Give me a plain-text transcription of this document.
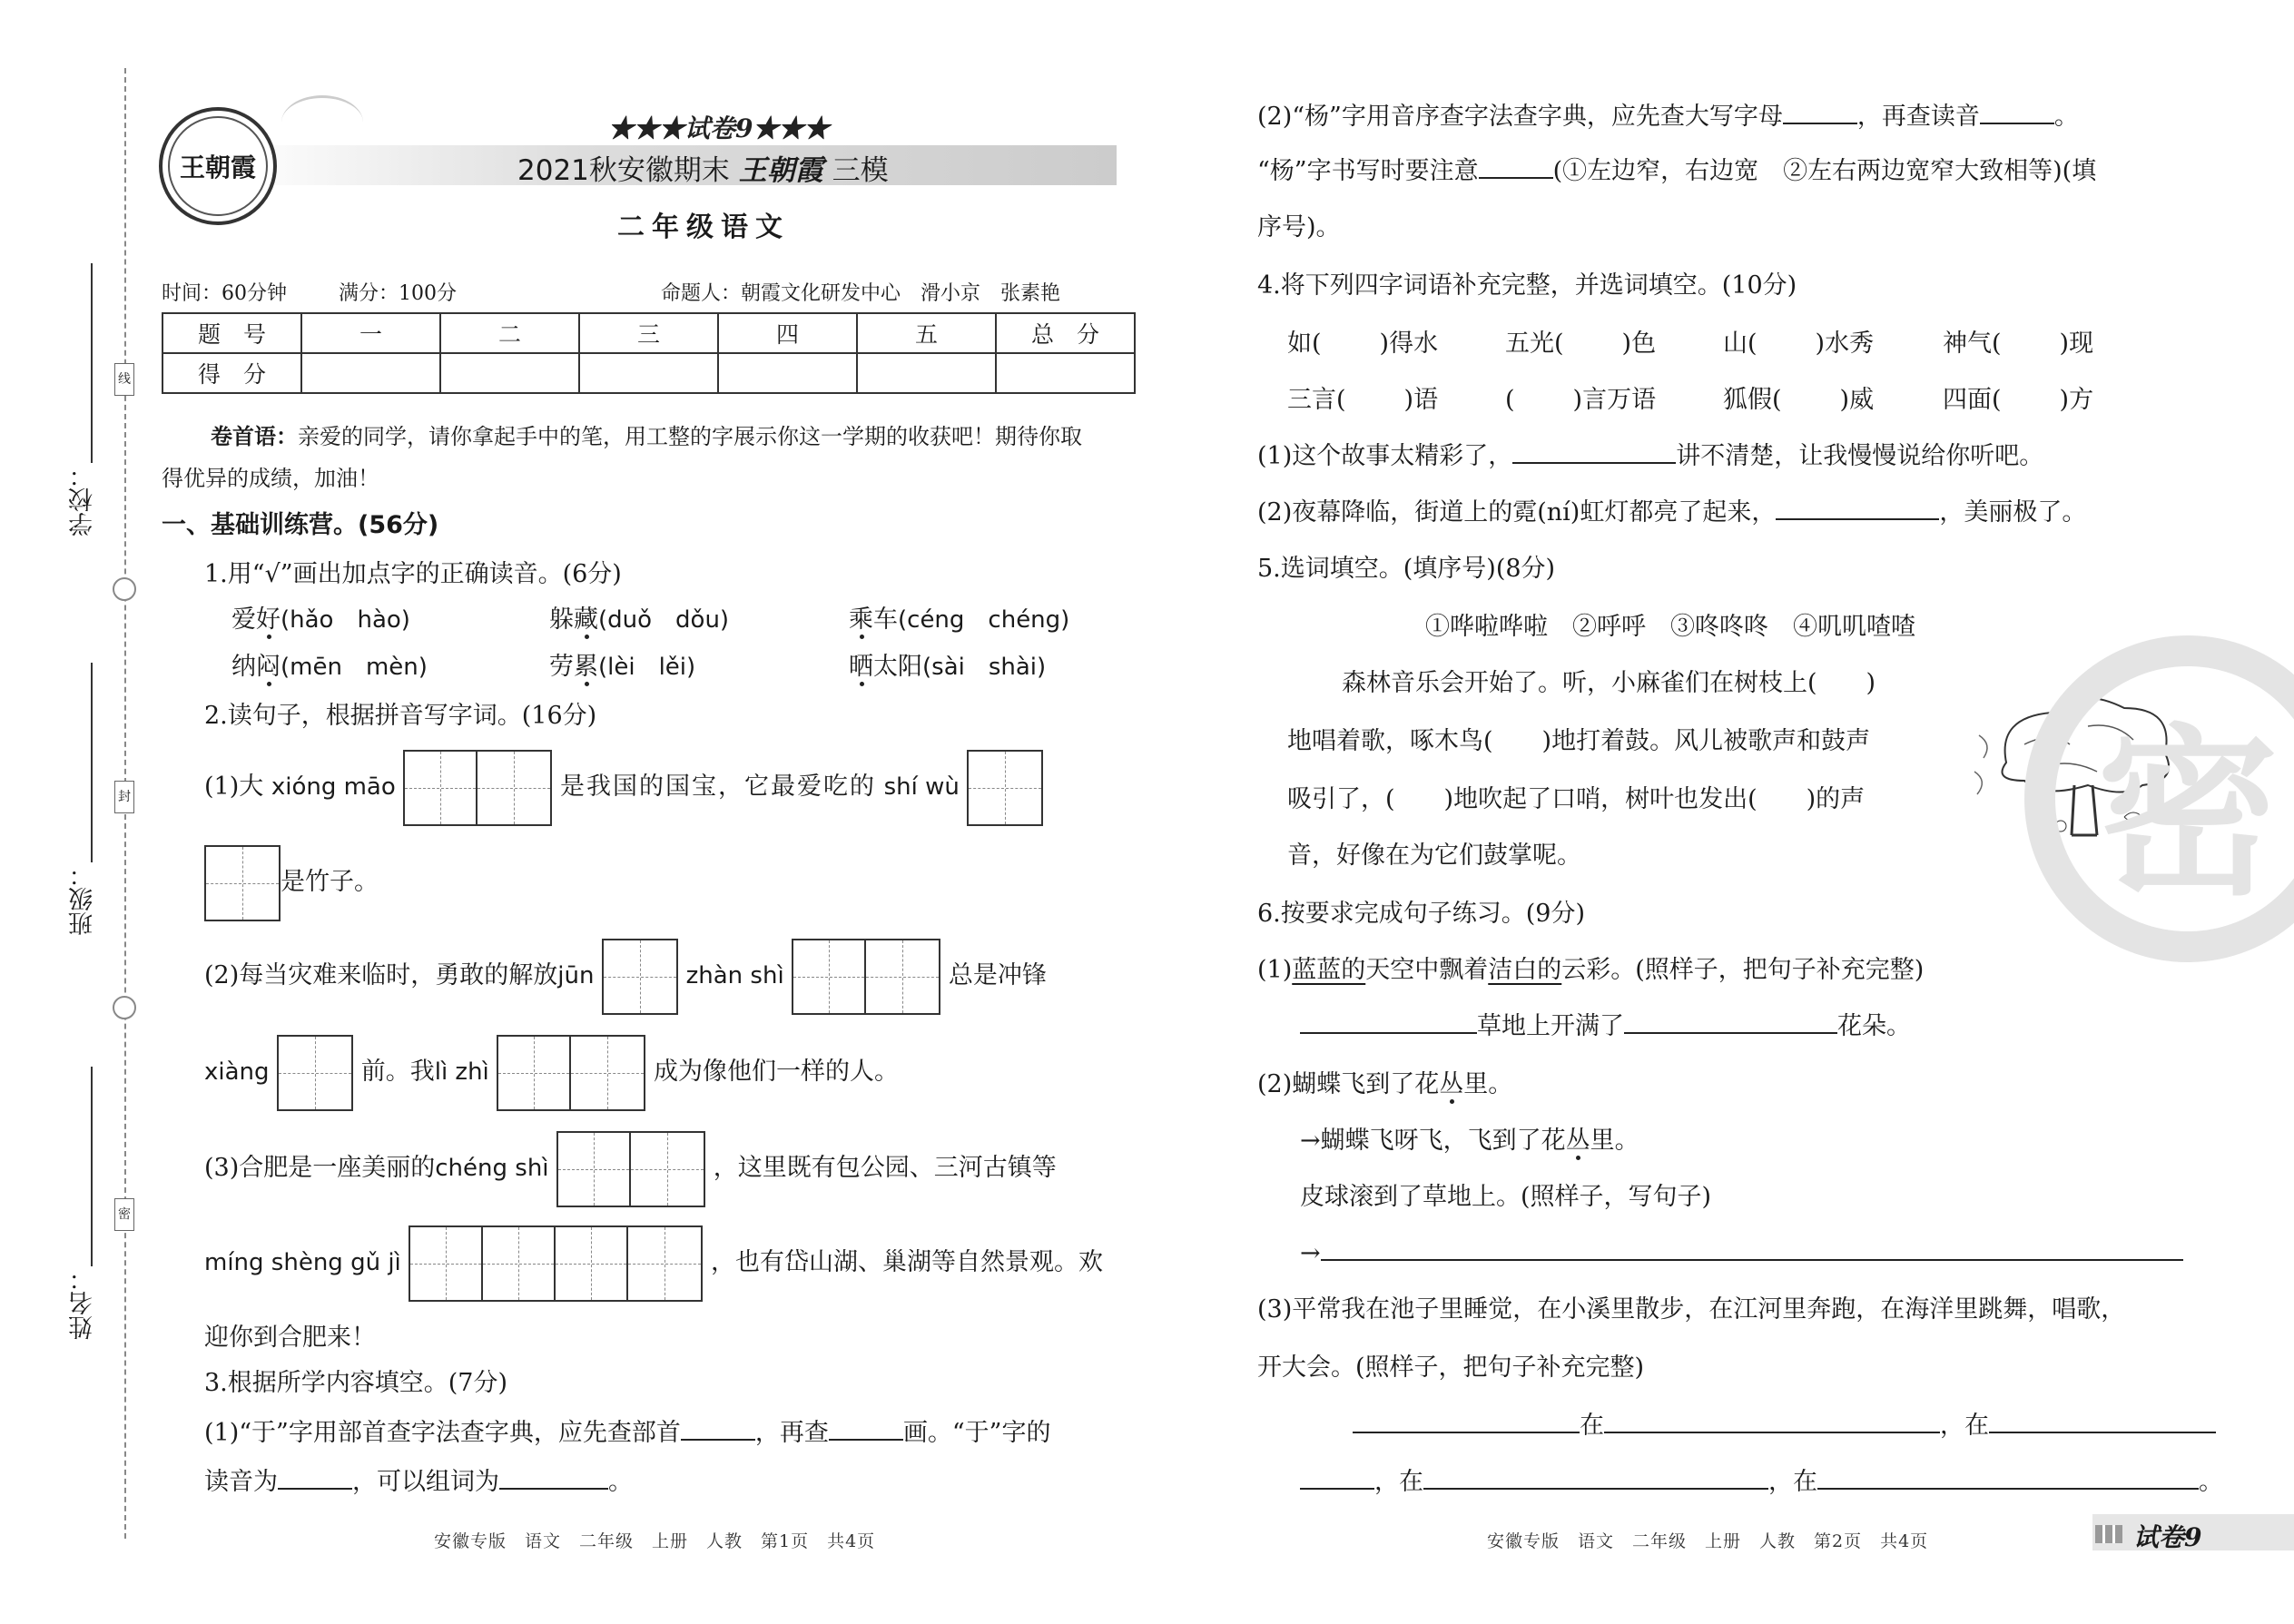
线
封
密
学校：
班级：
姓名：
王朝霞
★★★试卷9★★★
2021秋安徽期末 王朝霞 三模
二年级语文
时间：60分钟	满分：100分	命题人：朝霞文化研发中心　滑小京　张素艳
题　号	一	二	三	四	五	总　分
得　分						
卷首语：亲爱的同学，请你拿起手中的笔，用工整的字展示你这一学期的收获吧！期待你取
得优异的成绩，加油！
一、基础训练营。(56分)
1.用“√”画出加点字的正确读音。(6分)
爱好(hǎo　hào)	躲藏(duǒ　dǒu)	乘车(céng　chéng)
纳闷(mēn　mèn)	劳累(lèi　lěi)	晒太阳(sài　shài)
2.读句子，根据拼音写字词。(16分)
(1)大 xióng māo	是我国的国宝，它最爱吃的 shí wù
是竹子。
(2)每当灾难来临时，勇敢的解放jūn	zhàn shì	总是冲锋
xiàng	前。我lì zhì	成为像他们一样的人。
(3)合肥是一座美丽的chéng shì	，这里既有包公园、三河古镇等
míng shèng gǔ jì	，也有岱山湖、巢湖等自然景观。欢
迎你到合肥来！
3.根据所学内容填空。(7分)
(1)“于”字用部首查字法查字典，应先查部首	，再查	画。“于”字的
读音为	，可以组词为	。
安徽专版　语文　二年级　上册　人教　第1页　共4页
(2)“杨”字用音序查字法查字典，应先查大写字母	，再查读音	。
“杨”字书写时要注意	(①左边窄，右边宽　②左右两边宽窄大致相等)(填
序号)。
4.将下列四字词语补充完整，并选词填空。(10分)
如( )得水	五光( )色	山( )水秀	神气( )现
三言( )语	( )言万语	狐假( )威	四面( )方
(1)这个故事太精彩了，	讲不清楚，让我慢慢说给你听吧。
(2)夜幕降临，街道上的霓(ní)虹灯都亮了起来，	，美丽极了。
5.选词填空。(填序号)(8分)
①哗啦哗啦　②呼呼　③咚咚咚　④叽叽喳喳
森林音乐会开始了。听，小麻雀们在树枝上(　　)
地唱着歌，啄木鸟(　　)地打着鼓。风儿被歌声和鼓声
吸引了，(　　)地吹起了口哨，树叶也发出(　　)的声
音，好像在为它们鼓掌呢。	密
6.按要求完成句子练习。(9分)
(1)蓝蓝的天空中飘着洁白的云彩。(照样子，把句子补充完整)
草地上开满了	花朵。
(2)蝴蝶飞到了花丛里。
→蝴蝶飞呀飞，飞到了花丛里。
皮球滚到了草地上。(照样子，写句子)
→
(3)平常我在池子里睡觉，在小溪里散步，在江河里奔跑，在海洋里跳舞，唱歌，
开大会。(照样子，把句子补充完整)
在	，在
，在	，在	。
安徽专版　语文　二年级　上册　人教　第2页　共4页	试卷9
